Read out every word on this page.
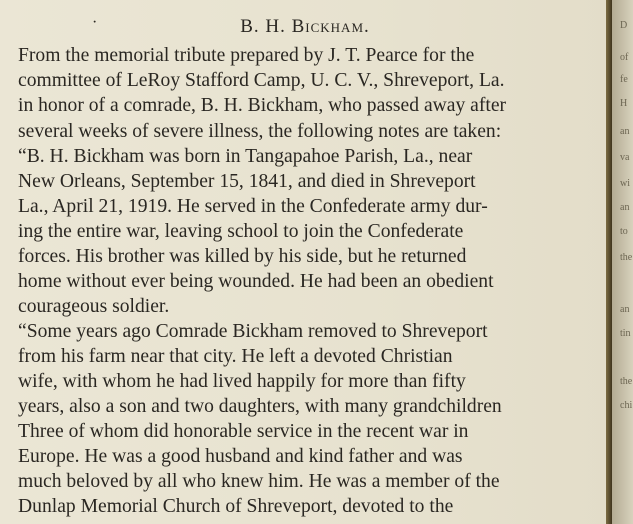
·	B. H. Bickham.
From the memorial tribute prepared by J. T. Pearce for the
committee of LeRoy Stafford Camp, U. C. V., Shreveport, La.
in honor of a comrade, B. H. Bickham, who passed away after
several weeks of severe illness, the following notes are taken:
“B. H. Bickham was born in Tangapahoe Parish, La., near
New Orleans, September 15, 1841, and died in Shreveport
La., April 21, 1919. He served in the Confederate army dur-
ing the entire war, leaving school to join the Confederate
forces. His brother was killed by his side, but he returned
home without ever being wounded. He had been an obedient
courageous soldier.
“Some years ago Comrade Bickham removed to Shreveport
from his farm near that city. He left a devoted Christian
wife, with whom he had lived happily for more than fifty
years, also a son and two daughters, with many grandchildren
Three of whom did honorable service in the recent war in
Europe. He was a good husband and kind father and was
much beloved by all who knew him. He was a member of the
Dunlap Memorial Church of Shreveport, devoted to the
D
of
fe
H
an
va
wi
an
to
the
an
tin
the
chi
